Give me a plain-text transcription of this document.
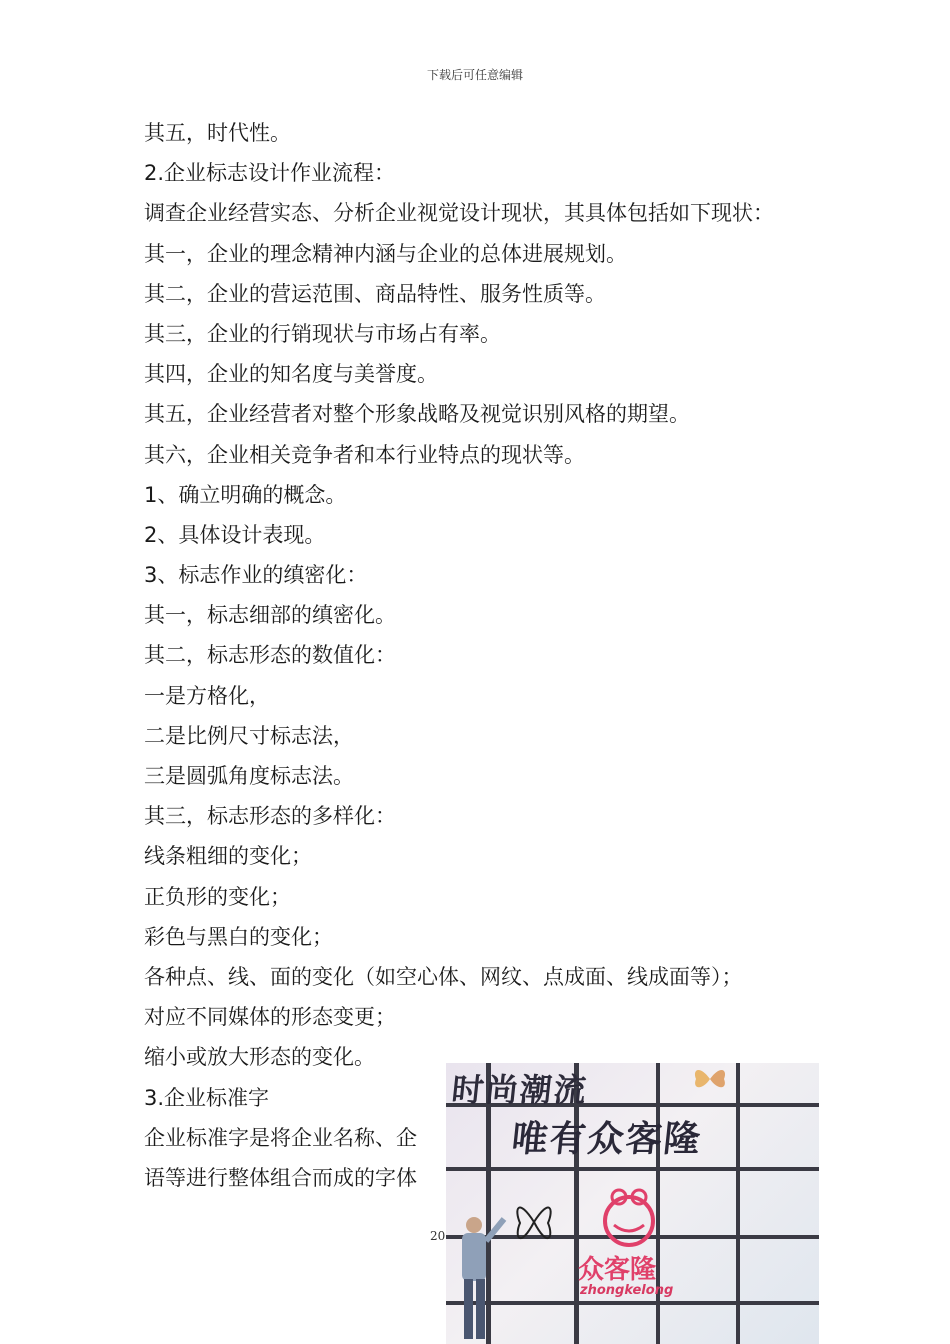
下载后可任意编辑
其五，时代性。
2.企业标志设计作业流程：
调查企业经营实态、分析企业视觉设计现状，其具体包括如下现状：
其一，企业的理念精神内涵与企业的总体进展规划。
其二，企业的营运范围、商品特性、服务性质等。
其三，企业的行销现状与市场占有率。
其四，企业的知名度与美誉度。
其五，企业经营者对整个形象战略及视觉识别风格的期望。
其六，企业相关竞争者和本行业特点的现状等。
1、确立明确的概念。
2、具体设计表现。
3、标志作业的缜密化：
其一，标志细部的缜密化。
其二，标志形态的数值化：
一是方格化，
二是比例尺寸标志法，
三是圆弧角度标志法。
其三，标志形态的多样化：
线条粗细的变化；
正负形的变化；
彩色与黑白的变化；
各种点、线、面的变化（如空心体、网纹、点成面、线成面等）；
对应不同媒体的形态变更；
缩小或放大形态的变化。
3.企业标准字
企业标准字是将企业名称、企
语等进行整体组合而成的字体
20
时尚潮流
唯有众客隆
众客隆
zhongkelong
